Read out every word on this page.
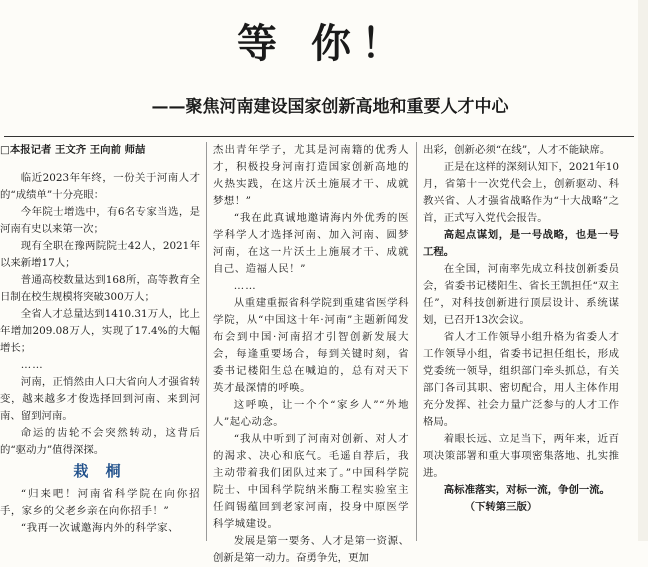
等 你！
——聚焦河南建设国家创新高地和重要人才中心

□本报记者 王文齐 王向前 师喆

临近2023年年终，一份关于河南人才的“成绩单”十分亮眼：

今年院士增选中，有6名专家当选，是河南有史以来第一次；

现有全职在豫两院院士42人，2021年以来新增17人；

普通高校数量达到168所，高等教育全日制在校生规模将突破300万人；

全省人才总量达到1410.31万人，比上年增加209.08万人，实现了17.4%的大幅增长；

……

河南，正悄然由人口大省向人才强省转变，越来越多才俊选择回到河南、来到河南、留到河南。

命运的齿轮不会突然转动，这背后的“驱动力”值得深探。

栽 桐

“归来吧！河南省科学院在向你招手，家乡的父老乡亲在向你招手！”

“我再一次诚邀海内外的科学家、

杰出青年学子，尤其是河南籍的优秀人才，积极投身河南打造国家创新高地的火热实践，在这片沃土施展才干、成就梦想！”

“我在此真诚地邀请海内外优秀的医学科学人才选择河南、加入河南、圆梦河南，在这一片沃土上施展才干、成就自己、造福人民！”

……

从重建重振省科学院到重建省医学科学院，从“中国这十年·河南”主题新闻发布会到中国·河南招才引智创新发展大会，每逢重要场合，每到关键时刻，省委书记楼阳生总在喊迫的，总有对天下英才最深情的呼唤。

这呼唤，让一个个“家乡人”“外地人”起心动念。

“我从中听到了河南对创新、对人才的渴求、决心和底气。毛遥自荐后，我主动带着我们团队过来了。”中国科学院院士、中国科学院纳米酶工程实验室主任阎锡蕴回到老家河南，投身中原医学科学城建设。

发展是第一要务、人才是第一资源、创新是第一动力。奋勇争先，更加

出彩，创新必须“在线”，人才不能缺席。

正是在这样的深刻认知下，2021年10月，省第十一次党代会上，创新驱动、科教兴省、人才强省战略作为“十大战略”之首，正式写入党代会报告。

高起点谋划，是一号战略，也是一号工程。

在全国，河南率先成立科技创新委员会，省委书记楼阳生、省长王凯担任“双主任”，对科技创新进行顶层设计、系统谋划，已召开13次会议。

省人才工作领导小组升格为省委人才工作领导小组，省委书记担任组长，形成党委统一领导，组织部门牵头抓总，有关部门各司其职、密切配合，用人主体作用充分发挥、社会力量广泛参与的人才工作格局。

着眼长远、立足当下，两年来，近百项决策部署和重大事项密集落地、扎实推进。

高标准落实，对标一流，争创一流。

（下转第三版）
